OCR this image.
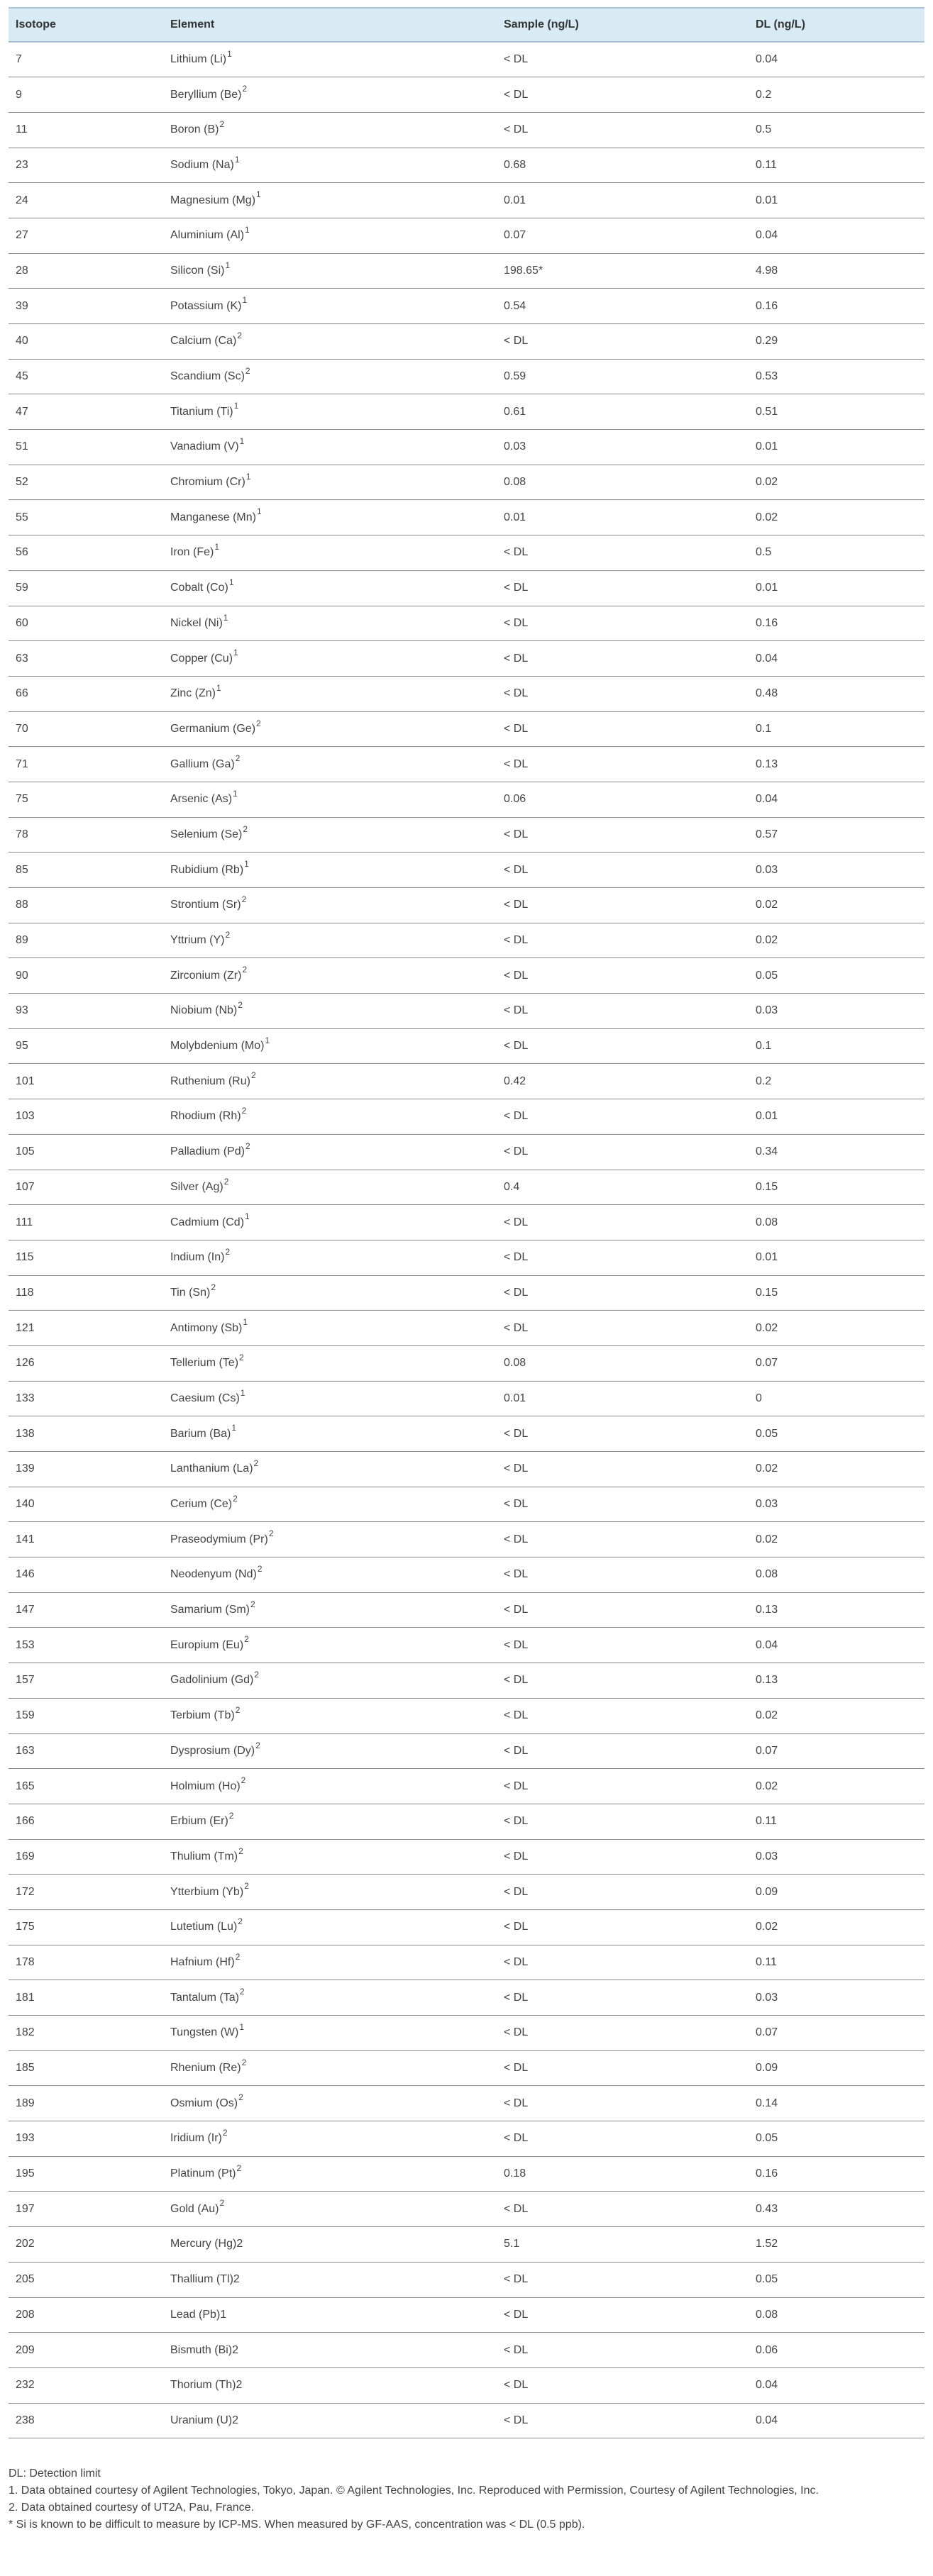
Isotope	Element	Sample (ng/L)	DL (ng/L)
7	Lithium $(Li)^1$	< DL	0.04
9	Beryllium $(Be)^2$	< DL	0.2
11	Boron $(B)^2$	< DL	0.5
23	Sodium $(Na)^1$	0.68	0.11
24	Magnesium $(Mg)^1$	0.01	0.01
27	Aluminium $(Al)^1$	0.07	0.04
28	Silicon $(Si)^1$	198.65*	4.98
39	Potassium $(K)^1$	0.54	0.16
40	Calcium $(Ca)^2$	< DL	0.29
45	Scandium $(Sc)^2$	0.59	0.53
47	Titanium $(Ti)^1$	0.61	0.51
51	Vanadium $(V)^1$	0.03	0.01
52	Chromium $(Cr)^1$	0.08	0.02
55	Manganese $(Mn)^1$	0.01	0.02
56	Iron $(Fe)^1$	< DL	0.5
59	Cobalt $(Co)^1$	< DL	0.01
60	Nickel $(Ni)^1$	< DL	0.16
63	Copper $(Cu)^1$	< DL	0.04
66	Zinc $(Zn)^1$	< DL	0.48
70	Germanium $(Ge)^2$	< DL	0.1
71	Gallium $(Ga)^2$	< DL	0.13
75	Arsenic $(As)^1$	0.06	0.04
78	Selenium $(Se)^2$	< DL	0.57
85	Rubidium $(Rb)^1$	< DL	0.03
88	Strontium $(Sr)^2$	< DL	0.02
89	Yttrium $(Y)^2$	< DL	0.02
90	Zirconium $(Zr)^2$	< DL	0.05
93	Niobium $(Nb)^2$	< DL	0.03
95	Molybdenium $(Mo)^1$	< DL	0.1
101	Ruthenium $(Ru)^2$	0.42	0.2
103	Rhodium $(Rh)^2$	< DL	0.01
105	Palladium $(Pd)^2$	< DL	0.34
107	Silver $(Ag)^2$	0.4	0.15
111	Cadmium $(Cd)^1$	< DL	0.08
115	Indium $(In)^2$	< DL	0.01
118	Tin $(Sn)^2$	< DL	0.15
121	Antimony $(Sb)^1$	< DL	0.02
126	Tellerium $(Te)^2$	0.08	0.07
133	Caesium $(Cs)^1$	0.01	0
138	Barium $(Ba)^1$	< DL	0.05
139	Lanthanium $(La)^2$	< DL	0.02
140	Cerium $(Ce)^2$	< DL	0.03
141	Praseodymium $(Pr)^2$	< DL	0.02
146	Neodenyum $(Nd)^2$	< DL	0.08
147	Samarium $(Sm)^2$	< DL	0.13
153	Europium $(Eu)^2$	< DL	0.04
157	Gadolinium $(Gd)^2$	< DL	0.13
159	Terbium $(Tb)^2$	< DL	0.02
163	Dysprosium $(Dy)^2$	< DL	0.07
165	Holmium $(Ho)^2$	< DL	0.02
166	Erbium $(Er)^2$	< DL	0.11
169	Thulium $(Tm)^2$	< DL	0.03
172	Ytterbium $(Yb)^2$	< DL	0.09
175	Lutetium $(Lu)^2$	< DL	0.02
178	Hafnium $(Hf)^2$	< DL	0.11
181	Tantalum $(Ta)^2$	< DL	0.03
182	Tungsten $(W)^1$	< DL	0.07
185	Rhenium $(Re)^2$	< DL	0.09
189	Osmium $(Os)^2$	< DL	0.14
193	Iridium $(Ir)^2$	< DL	0.05
195	Platinum $(Pt)^2$	0.18	0.16
197	Gold $(Au)^2$	< DL	0.43
202	Mercury (Hg)2	5.1	1.52
205	Thallium (Tl)2	< DL	0.05
208	Lead (Pb)1	< DL	0.08
209	Bismuth (Bi)2	< DL	0.06
232	Thorium (Th)2	< DL	0.04
238	Uranium (U)2	< DL	0.04

DL: Detection limit

1. Data obtained courtesy of Agilent Technologies, Tokyo, Japan. © Agilent Technologies, Inc. Reproduced with Permission, Courtesy of Agilent Technologies, Inc.

2. Data obtained courtesy of UT2A, Pau, France.

* Si is known to be difficult to measure by ICP-MS. When measured by GF-AAS, concentration was < DL (0.5 ppb).
